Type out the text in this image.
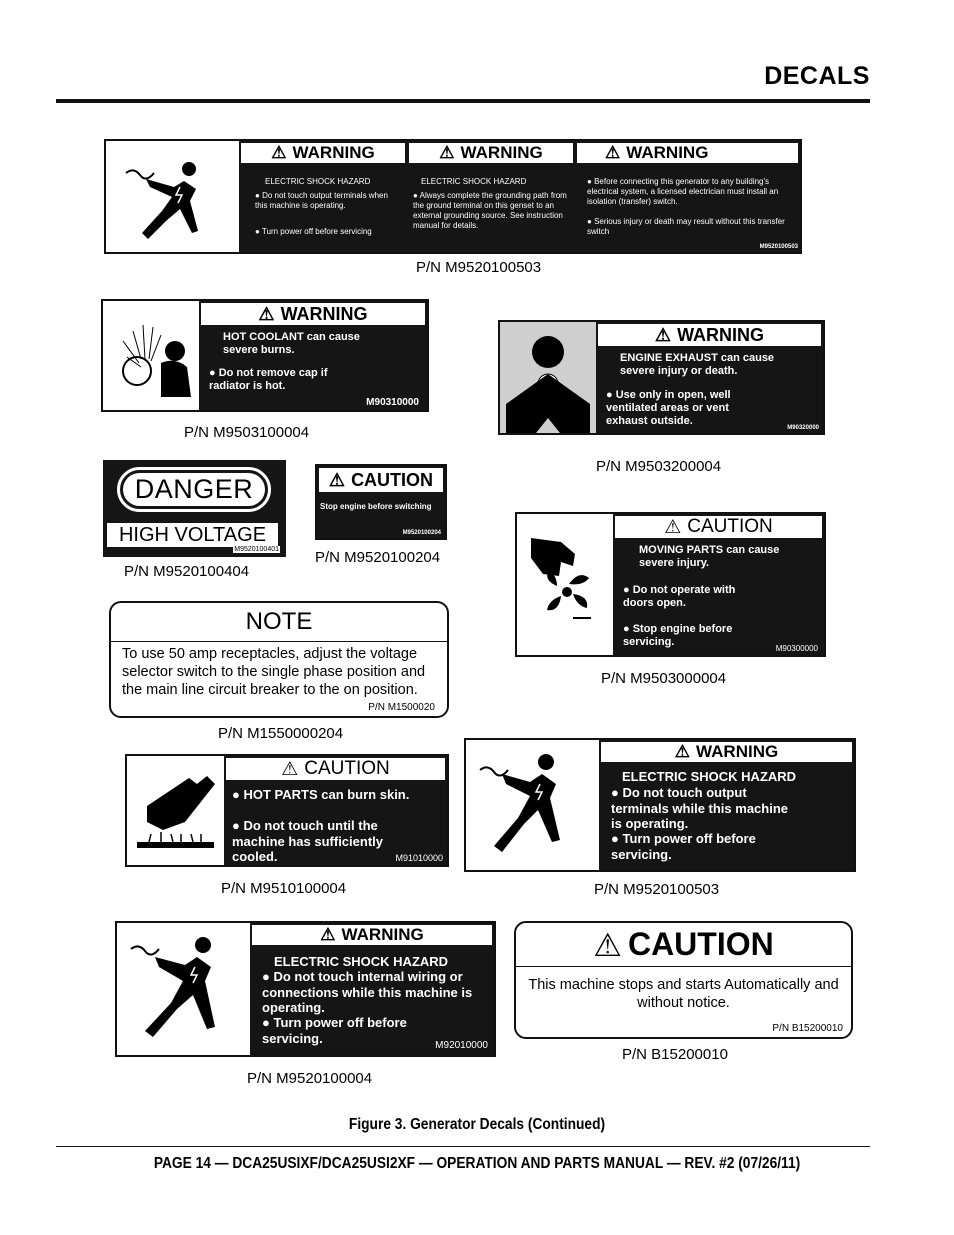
DECALS
⚠ WARNING
ELECTRIC SHOCK HAZARD
● Do not touch output terminals when this machine is operating.
● Turn power off before servicing
⚠ WARNING
ELECTRIC SHOCK HAZARD
● Always complete the grounding path from the ground terminal on this genset to an external grounding source. See instruction manual for details.
⚠ WARNING
● Before connecting this generator to any building's electrical system, a licensed electrician must install an isolation (transfer) switch.
● Serious injury or death may result without this transfer switch
M9520100503
P/N M9520100503
⚠ WARNING
HOT COOLANT can cause
severe burns.
● Do not remove cap if radiator is hot.
M90310000
P/N M9503100004
⚠ WARNING
ENGINE EXHAUST can cause
severe injury or death.
● Use only in open, well ventilated areas or vent exhaust outside.
M90320000
P/N M9503200004
DANGER
HIGH VOLTAGE
M9520100401
P/N M9520100404
⚠ CAUTION
Stop engine before switching
M9520100204
P/N M9520100204
⚠ CAUTION
MOVING PARTS can cause
severe injury.
● Do not operate with doors open.
● Stop engine before servicing.
M90300000
P/N M9503000004
NOTE
To use 50 amp receptacles, adjust the voltage selector switch to the single phase position and the main line circuit breaker to the on position.
P/N M1500020
P/N M1550000204
⚠ CAUTION
● HOT PARTS can burn skin.
● Do not touch until the machine has sufficiently cooled.	M91010000
P/N M9510100004
⚠ WARNING
ELECTRIC SHOCK HAZARD
● Do not touch output terminals while this machine is operating.
● Turn power off before servicing.
P/N M9520100503
⚠ WARNING
ELECTRIC SHOCK HAZARD
● Do not touch internal wiring or connections while this machine is operating.
● Turn power off before servicing.	M92010000
P/N M9520100004
⚠ CAUTION
This machine stops and starts Automatically and without notice.
P/N B15200010
P/N B15200010
Figure 3. Generator Decals (Continued)
PAGE 14 — DCA25USIXF/DCA25USI2XF — OPERATION AND PARTS MANUAL — REV. #2 (07/26/11)
